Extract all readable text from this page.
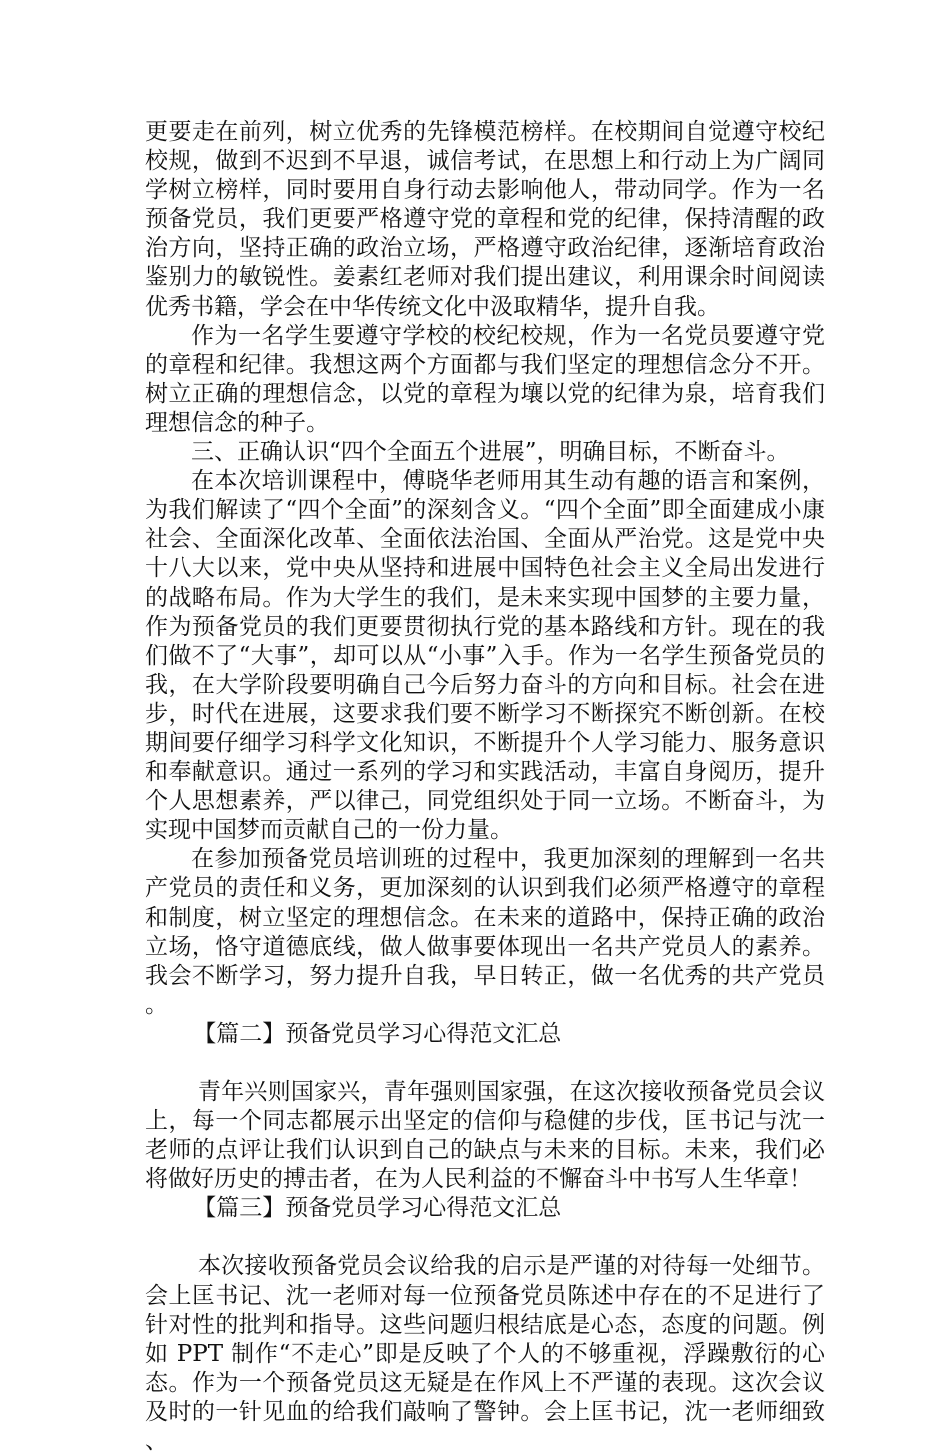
更要走在前列，树立优秀的先锋模范榜样。在校期间自觉遵守校纪校规，做到不迟到不早退，诚信考试，在思想上和行动上为广阔同学树立榜样，同时要用自身行动去影响他人，带动同学。作为一名预备党员，我们更要严格遵守党的章程和党的纪律，保持清醒的政治方向，坚持正确的政治立场，严格遵守政治纪律，逐渐培育政治鉴别力的敏锐性。姜素红老师对我们提出建议，利用课余时间阅读优秀书籍，学会在中华传统文化中汲取精华，提升自我。

作为一名学生要遵守学校的校纪校规，作为一名党员要遵守党的章程和纪律。我想这两个方面都与我们坚定的理想信念分不开。树立正确的理想信念，以党的章程为壤以党的纪律为泉，培育我们理想信念的种子。

三、正确认识“四个全面五个进展”，明确目标，不断奋斗。

在本次培训课程中，傅晓华老师用其生动有趣的语言和案例，为我们解读了“四个全面”的深刻含义。“四个全面”即全面建成小康社会、全面深化改革、全面依法治国、全面从严治党。这是党中央十八大以来，党中央从坚持和进展中国特色社会主义全局出发进行的战略布局。作为大学生的我们，是未来实现中国梦的主要力量，作为预备党员的我们更要贯彻执行党的基本路线和方针。现在的我们做不了“大事”，却可以从“小事”入手。作为一名学生预备党员的我，在大学阶段要明确自己今后努力奋斗的方向和目标。社会在进步，时代在进展，这要求我们要不断学习不断探究不断创新。在校期间要仔细学习科学文化知识，不断提升个人学习能力、服务意识和奉献意识。通过一系列的学习和实践活动，丰富自身阅历，提升个人思想素养，严以律己，同党组织处于同一立场。不断奋斗，为实现中国梦而贡献自己的一份力量。

在参加预备党员培训班的过程中，我更加深刻的理解到一名共产党员的责任和义务，更加深刻的认识到我们必须严格遵守的章程和制度，树立坚定的理想信念。在未来的道路中，保持正确的政治立场，恪守道德底线，做人做事要体现出一名共产党员人的素养。我会不断学习，努力提升自我，早日转正，做一名优秀的共产党员。

【篇二】预备党员学习心得范文汇总

青年兴则国家兴，青年强则国家强，在这次接收预备党员会议上，每一个同志都展示出坚定的信仰与稳健的步伐，匡书记与沈一老师的点评让我们认识到自己的缺点与未来的目标。未来，我们必将做好历史的搏击者，在为人民利益的不懈奋斗中书写人生华章！

【篇三】预备党员学习心得范文汇总

本次接收预备党员会议给我的启示是严谨的对待每一处细节。会上匡书记、沈一老师对每一位预备党员陈述中存在的不足进行了针对性的批判和指导。这些问题归根结底是心态，态度的问题。例如 PPT 制作“不走心”即是反映了个人的不够重视，浮躁敷衍的心态。作为一个预备党员这无疑是在作风上不严谨的表现。这次会议及时的一针见血的给我们敲响了警钟。会上匡书记，沈一老师细致、
